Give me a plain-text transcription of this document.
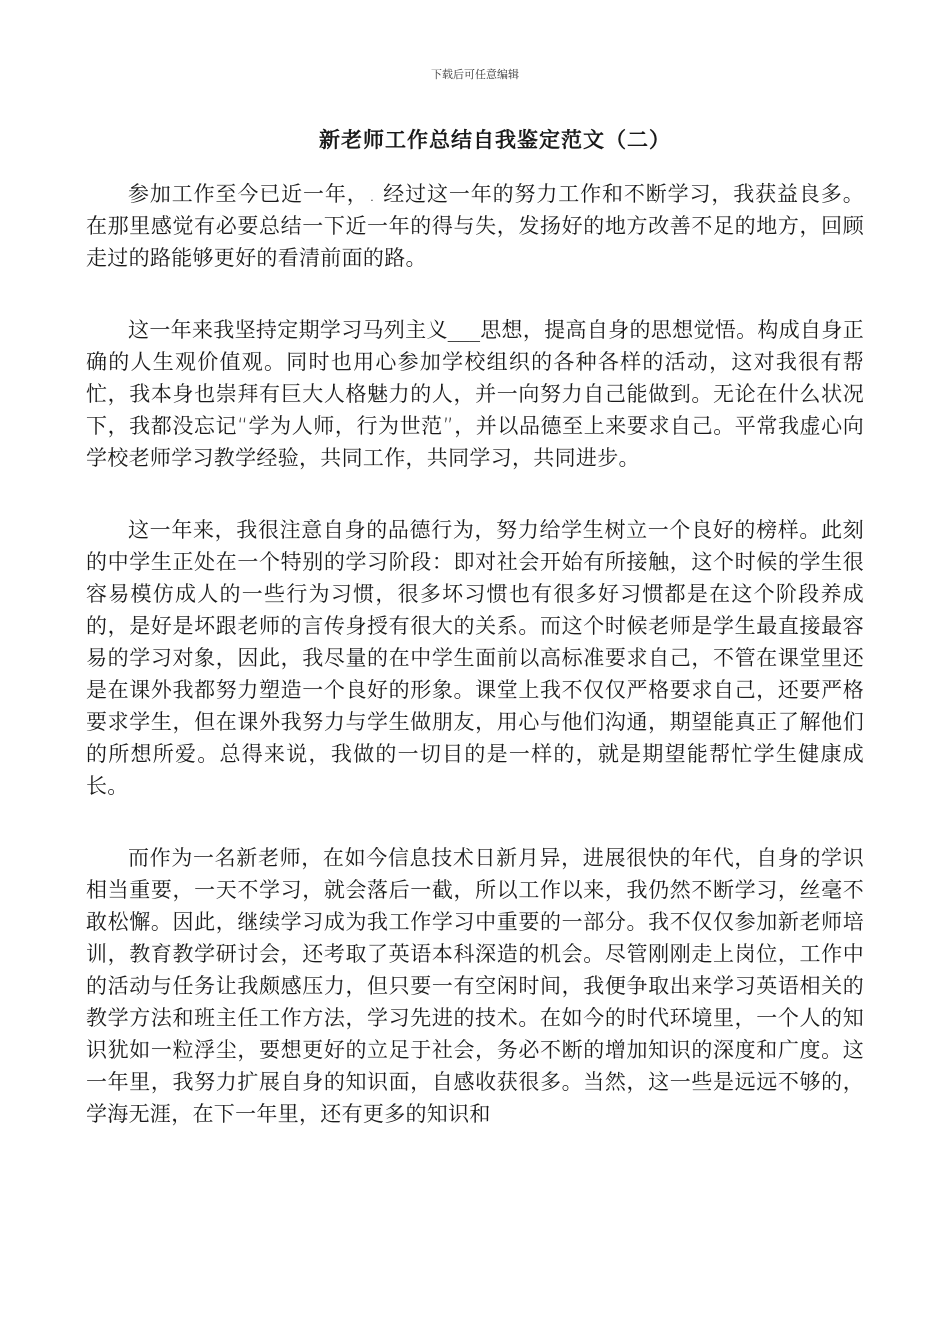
下载后可任意编辑
新老师工作总结自我鉴定范文（二）

参加工作至今已近一年，. 经过这一年的努力工作和不断学习，我获益良多。在那里感觉有必要总结一下近一年的得与失，发扬好的地方改善不足的地方，回顾走过的路能够更好的看清前面的路。

这一年来我坚持定期学习马列主义___思想，提高自身的思想觉悟。构成自身正确的人生观价值观。同时也用心参加学校组织的各种各样的活动，这对我很有帮忙，我本身也崇拜有巨大人格魅力的人，并一向努力自己能做到。无论在什么状况下，我都没忘记“学为人师，行为世范”，并以品德至上来要求自己。平常我虚心向学校老师学习教学经验，共同工作，共同学习，共同进步。

这一年来，我很注意自身的品德行为，努力给学生树立一个良好的榜样。此刻的中学生正处在一个特别的学习阶段：即对社会开始有所接触，这个时候的学生很容易模仿成人的一些行为习惯，很多坏习惯也有很多好习惯都是在这个阶段养成的，是好是坏跟老师的言传身授有很大的关系。而这个时候老师是学生最直接最容易的学习对象，因此，我尽量的在中学生面前以高标准要求自己，不管在课堂里还是在课外我都努力塑造一个良好的形象。课堂上我不仅仅严格要求自己，还要严格要求学生，但在课外我努力与学生做朋友，用心与他们沟通，期望能真正了解他们的所想所爱。总得来说，我做的一切目的是一样的，就是期望能帮忙学生健康成长。

而作为一名新老师，在如今信息技术日新月异，进展很快的年代，自身的学识相当重要，一天不学习，就会落后一截，所以工作以来，我仍然不断学习，丝毫不敢松懈。因此，继续学习成为我工作学习中重要的一部分。我不仅仅参加新老师培训，教育教学研讨会，还考取了英语本科深造的机会。尽管刚刚走上岗位，工作中的活动与任务让我颇感压力，但只要一有空闲时间，我便争取出来学习英语相关的教学方法和班主任工作方法，学习先进的技术。在如今的时代环境里，一个人的知识犹如一粒浮尘，要想更好的立足于社会，务必不断的增加知识的深度和广度。这一年里，我努力扩展自身的知识面，自感收获很多。当然，这一些是远远不够的，学海无涯，在下一年里，还有更多的知识和
